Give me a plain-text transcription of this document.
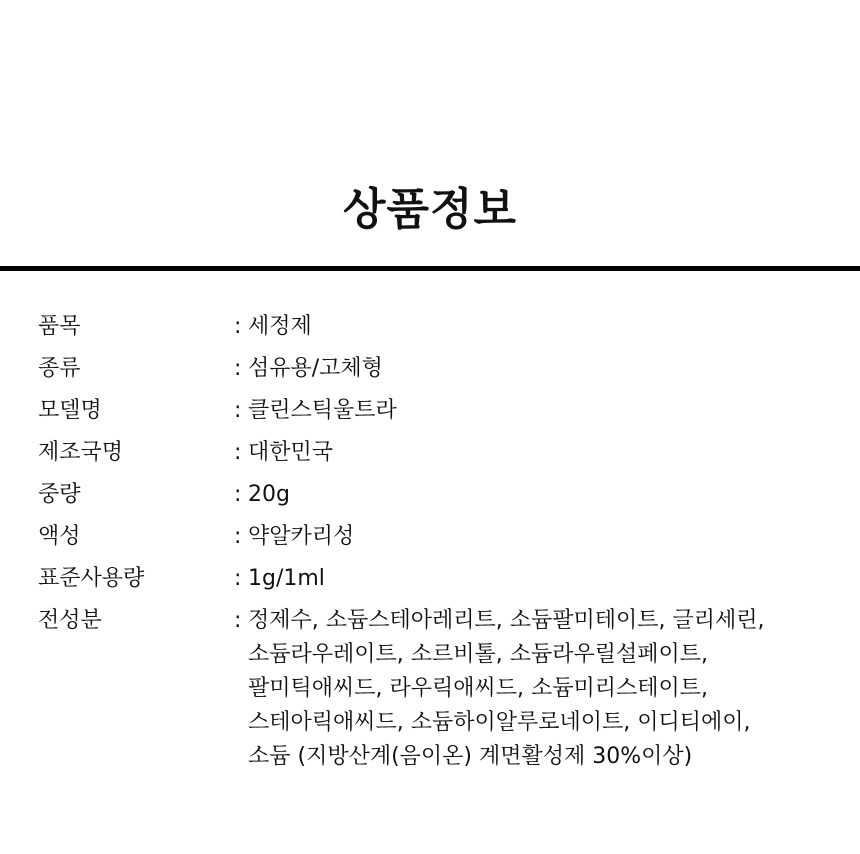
상품정보
품목	: 세정제
종류	: 섬유용/고체형
모델명	: 클린스틱울트라
제조국명	: 대한민국
중량	: 20g
액성	: 약알카리성
표준사용량	: 1g/1ml
전성분	: 정제수, 소듐스테아레리트, 소듐팔미테이트, 글리세린,
소듐라우레이트, 소르비톨, 소듐라우릴설페이트,
팔미틱애씨드, 라우릭애씨드, 소듐미리스테이트,
스테아릭애씨드, 소듐하이알루로네이트, 이디티에이,
소듐 (지방산계(음이온) 계면활성제 30%이상)
